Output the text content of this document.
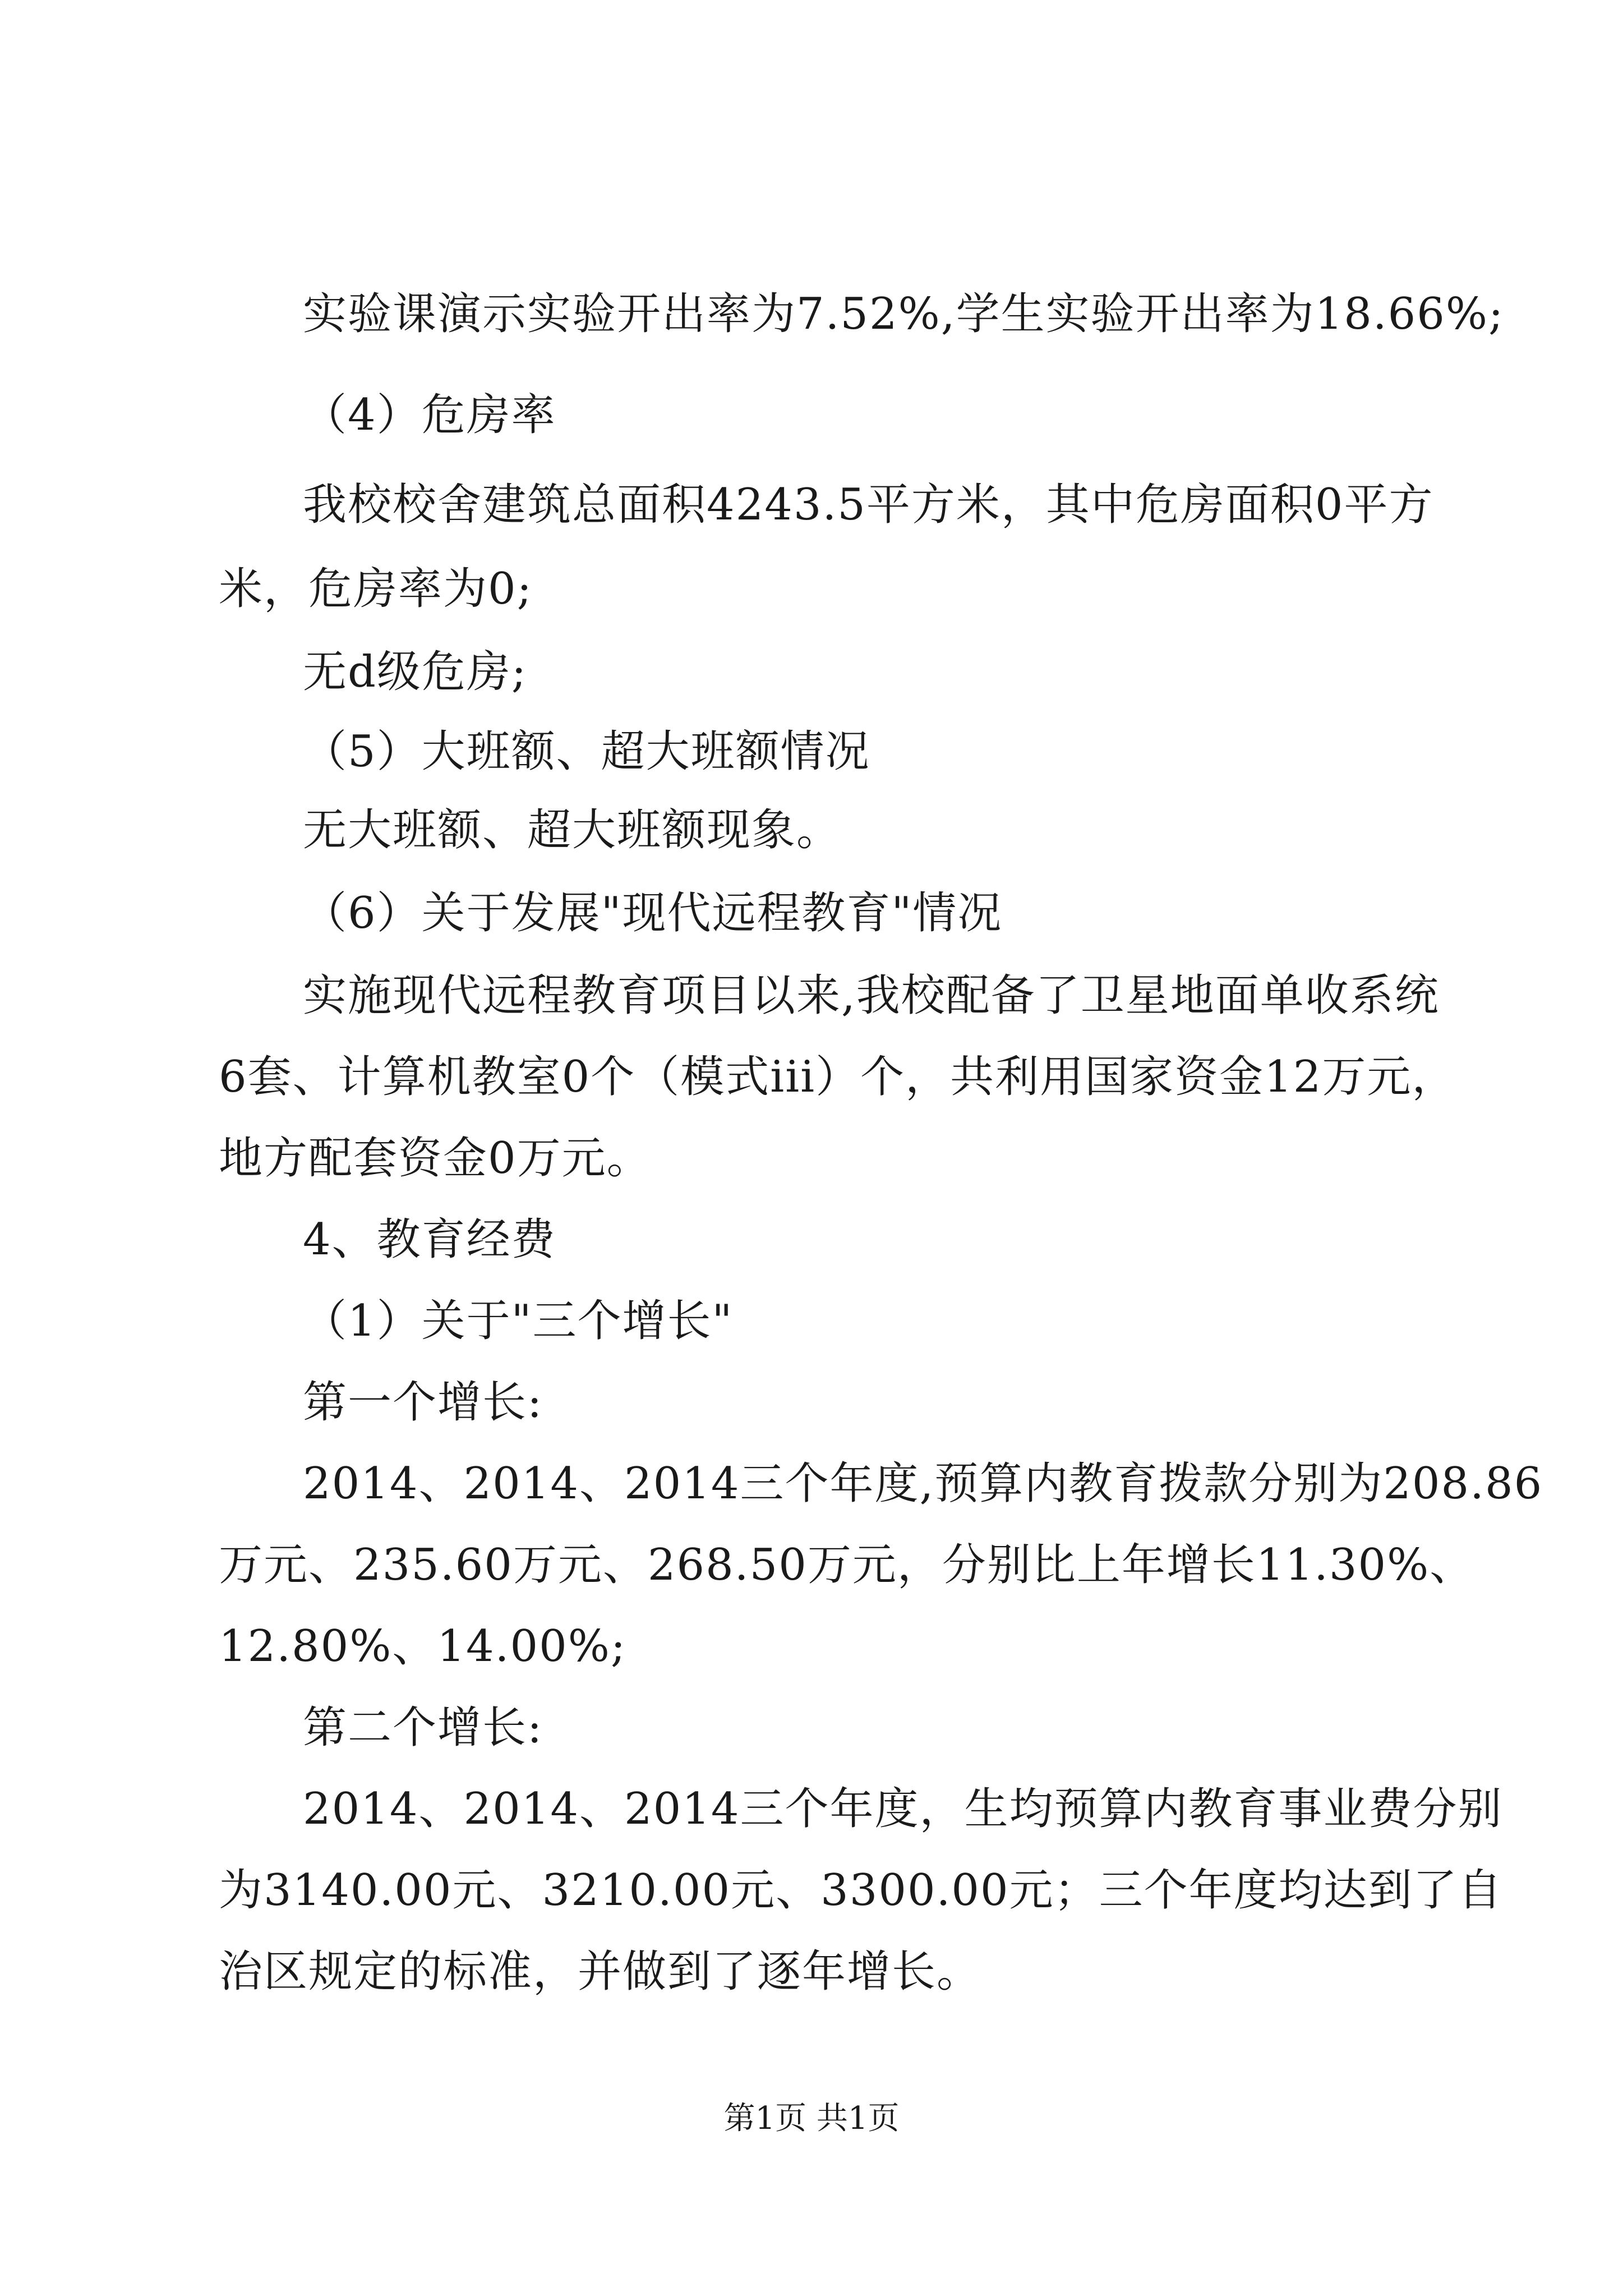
实验课演示实验开出率为7.52%,学生实验开出率为18.66%;
（4）危房率
我校校舍建筑总面积4243.5平方米，其中危房面积0平方
米，危房率为0;
无d级危房;
（5）大班额、超大班额情况
无大班额、超大班额现象。
（6）关于发展"现代远程教育"情况
实施现代远程教育项目以来,我校配备了卫星地面单收系统
6套、计算机教室0个（模式iii）个，共利用国家资金12万元，
地方配套资金0万元。
4、教育经费
（1）关于"三个增长"
第一个增长:
2014、2014、2014三个年度,预算内教育拨款分别为208.86
万元、235.60万元、268.50万元，分别比上年增长11.30%、
12.80%、14.00%;
第二个增长:
2014、2014、2014三个年度，生均预算内教育事业费分别
为3140.00元、3210.00元、3300.00元；三个年度均达到了自
治区规定的标准，并做到了逐年增长。
第1页 共1页
